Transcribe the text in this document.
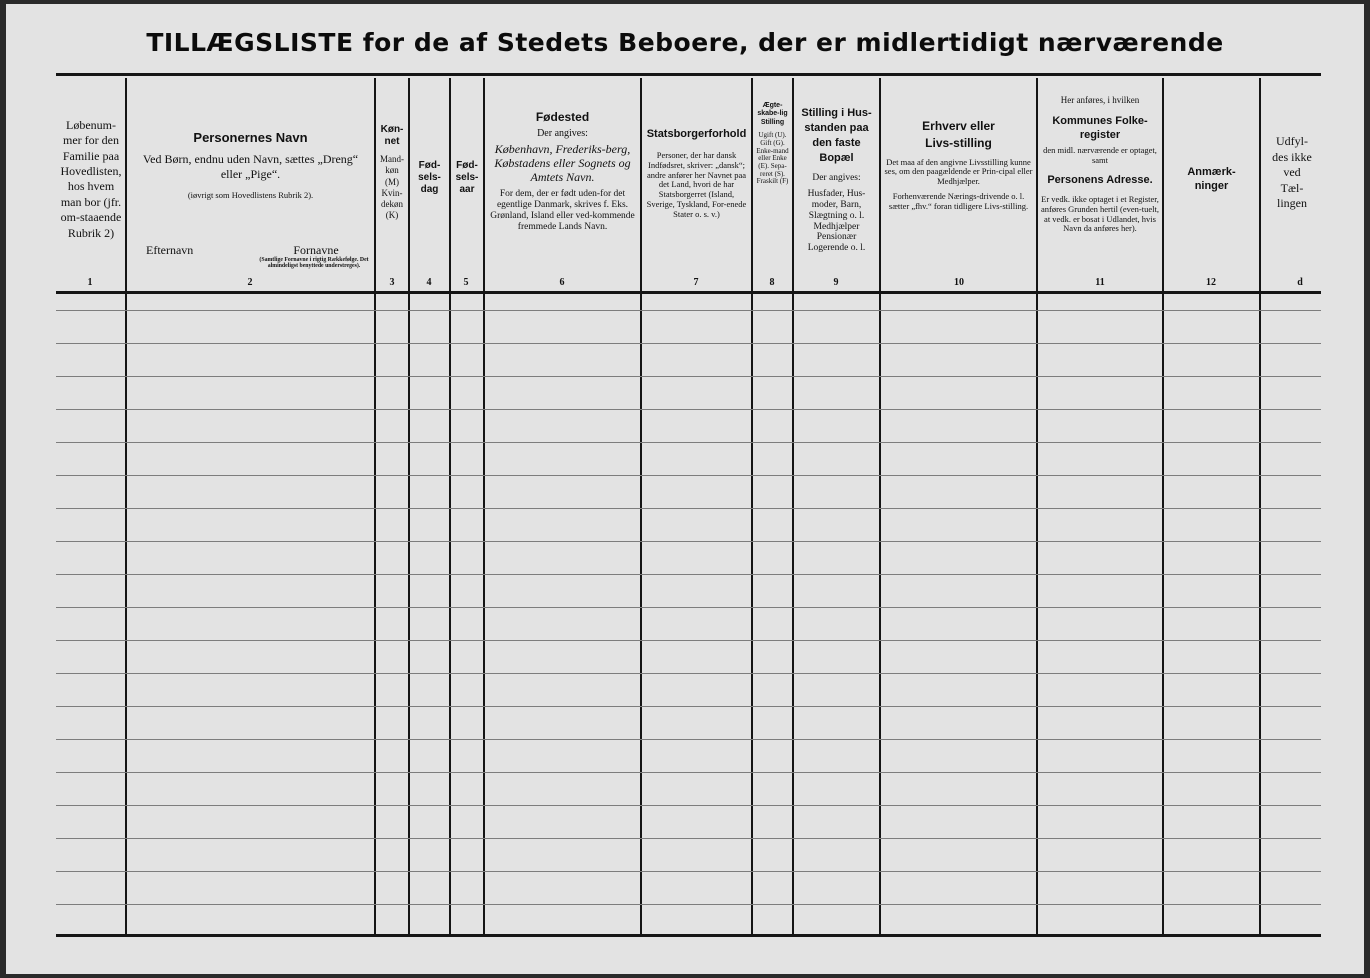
TILLÆGSLISTE for de af Stedets Beboere, der er midlertidigt nærværende
Løbenum-mer for den Familie paa Hovedlisten, hos hvem man bor (jfr. om-staaende Rubrik 2)
1
Personernes Navn
Ved Børn, endnu uden Navn, sættes „Dreng“ eller „Pige“.
(iøvrigt som Hovedlistens Rubrik 2).
Efternavn	Fornavne
(Samtlige Fornavne i rigtig Rækkefølge. Det almindeligst benyttede understreges).
2
Køn-net
Mand-køn (M) Kvin-dekøn (K)
3
Fød-sels-dag
4
Fød-sels-aar
5
Fødested
Der angives:
København, Frederiks-berg, Købstadens eller Sognets og Amtets Navn.
For dem, der er født uden-for det egentlige Danmark, skrives f. Eks. Grønland, Island eller ved-kommende fremmede Lands Navn.
6
Statsborgerforhold
Personer, der har dansk Indfødsret, skriver: „dansk“; andre anfører her Navnet paa det Land, hvori de har Statsborgerret (Island, Sverige, Tyskland, For-enede Stater o. s. v.)
7
Ægte-skabe-lig Stilling
Ugift (U). Gift (G). Enke-mand eller Enke (E). Sepa-reret (S). Fraskilt (F)
8
Stilling i Hus-standen paa den faste Bopæl
Der angives:
Husfader, Hus-moder, Barn, Slægtning o. l. Medhjælper Pensionær Logerende o. l.
9
Erhverv eller Livs-stilling
Det maa af den angivne Livsstilling kunne ses, om den paagældende er Prin-cipal eller Medhjælper.
Forhenværende Nærings-drivende o. l. sætter „fhv.“ foran tidligere Livs-stilling.
10
Her anføres, i hvilken
Kommunes Folke-register
den midl. nærværende er optaget, samt
Personens Adresse.
Er vedk. ikke optaget i et Register, anføres Grunden hertil (even-tuelt, at vedk. er bosat i Udlandet, hvis Navn da anføres her).
11
Anmærk-ninger
12
Udfyl-des ikke ved Tæl-lingen
d
